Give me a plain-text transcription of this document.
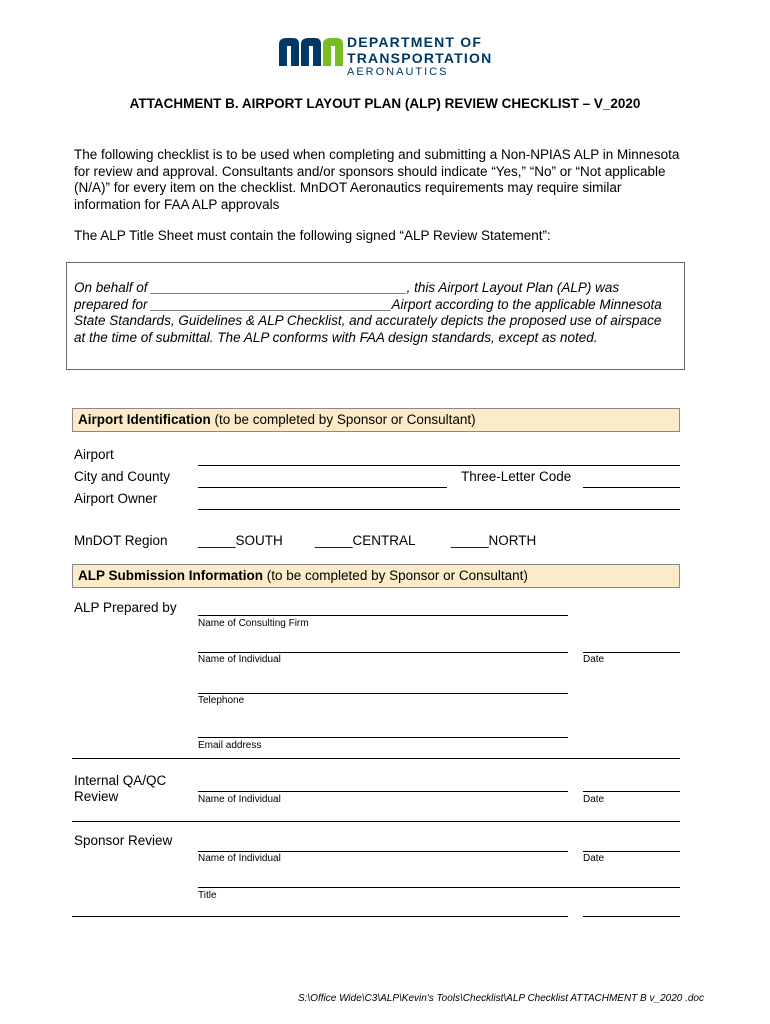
DEPARTMENT OF
TRANSPORTATION
AERONAUTICS
ATTACHMENT B. AIRPORT LAYOUT PLAN (ALP) REVIEW CHECKLIST – V_2020
The following checklist is to be used when completing and submitting a Non-NPIAS ALP in Minnesota
for review and approval. Consultants and/or sponsors should indicate “Yes,” “No” or “Not applicable
(N/A)” for every item on the checklist. MnDOT Aeronautics requirements may require similar
information for FAA ALP approvals
The ALP Title Sheet must contain the following signed “ALP Review Statement”:
On behalf of __________________________________, this Airport Layout Plan (ALP) was
prepared for ________________________________Airport according to the applicable Minnesota
State Standards, Guidelines & ALP Checklist, and accurately depicts the proposed use of airspace
at the time of submittal. The ALP conforms with FAA design standards, except as noted.
Airport Identification (to be completed by Sponsor or Consultant)
Airport
City and County	Three-Letter Code
Airport Owner
MnDOT Region _____SOUTH _____CENTRAL	_____NORTH
ALP Submission Information (to be completed by Sponsor or Consultant)
ALP Prepared by
Name of Consulting Firm
Name of Individual	Date
Telephone
Email address
Internal QA/QC
Review	Name of Individual	Date
Sponsor Review
Name of Individual	Date
Title
S:\Office Wide\C3\ALP\Kevin's Tools\Checklist\ALP Checklist ATTACHMENT B v_2020 .doc
